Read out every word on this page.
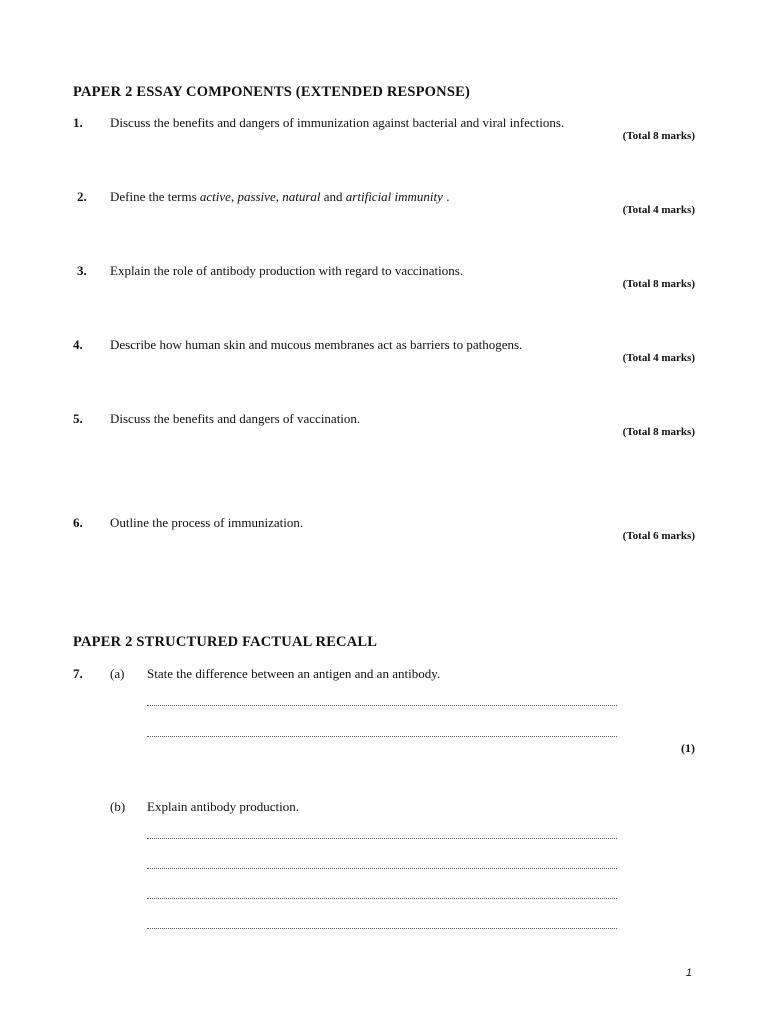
PAPER 2 ESSAY COMPONENTS (EXTENDED RESPONSE)
1. Discuss the benefits and dangers of immunization against bacterial and viral infections.
(Total 8 marks)
2. Define the terms active, passive, natural and artificial immunity .
(Total 4 marks)
3. Explain the role of antibody production with regard to vaccinations.
(Total 8 marks)
4. Describe how human skin and mucous membranes act as barriers to pathogens.
(Total 4 marks)
5. Discuss the benefits and dangers of vaccination.
(Total 8 marks)
6. Outline the process of immunization.
(Total 6 marks)
PAPER 2 STRUCTURED FACTUAL RECALL
7. (a) State the difference between an antigen and an antibody.
(1)
(b) Explain antibody production.
1
